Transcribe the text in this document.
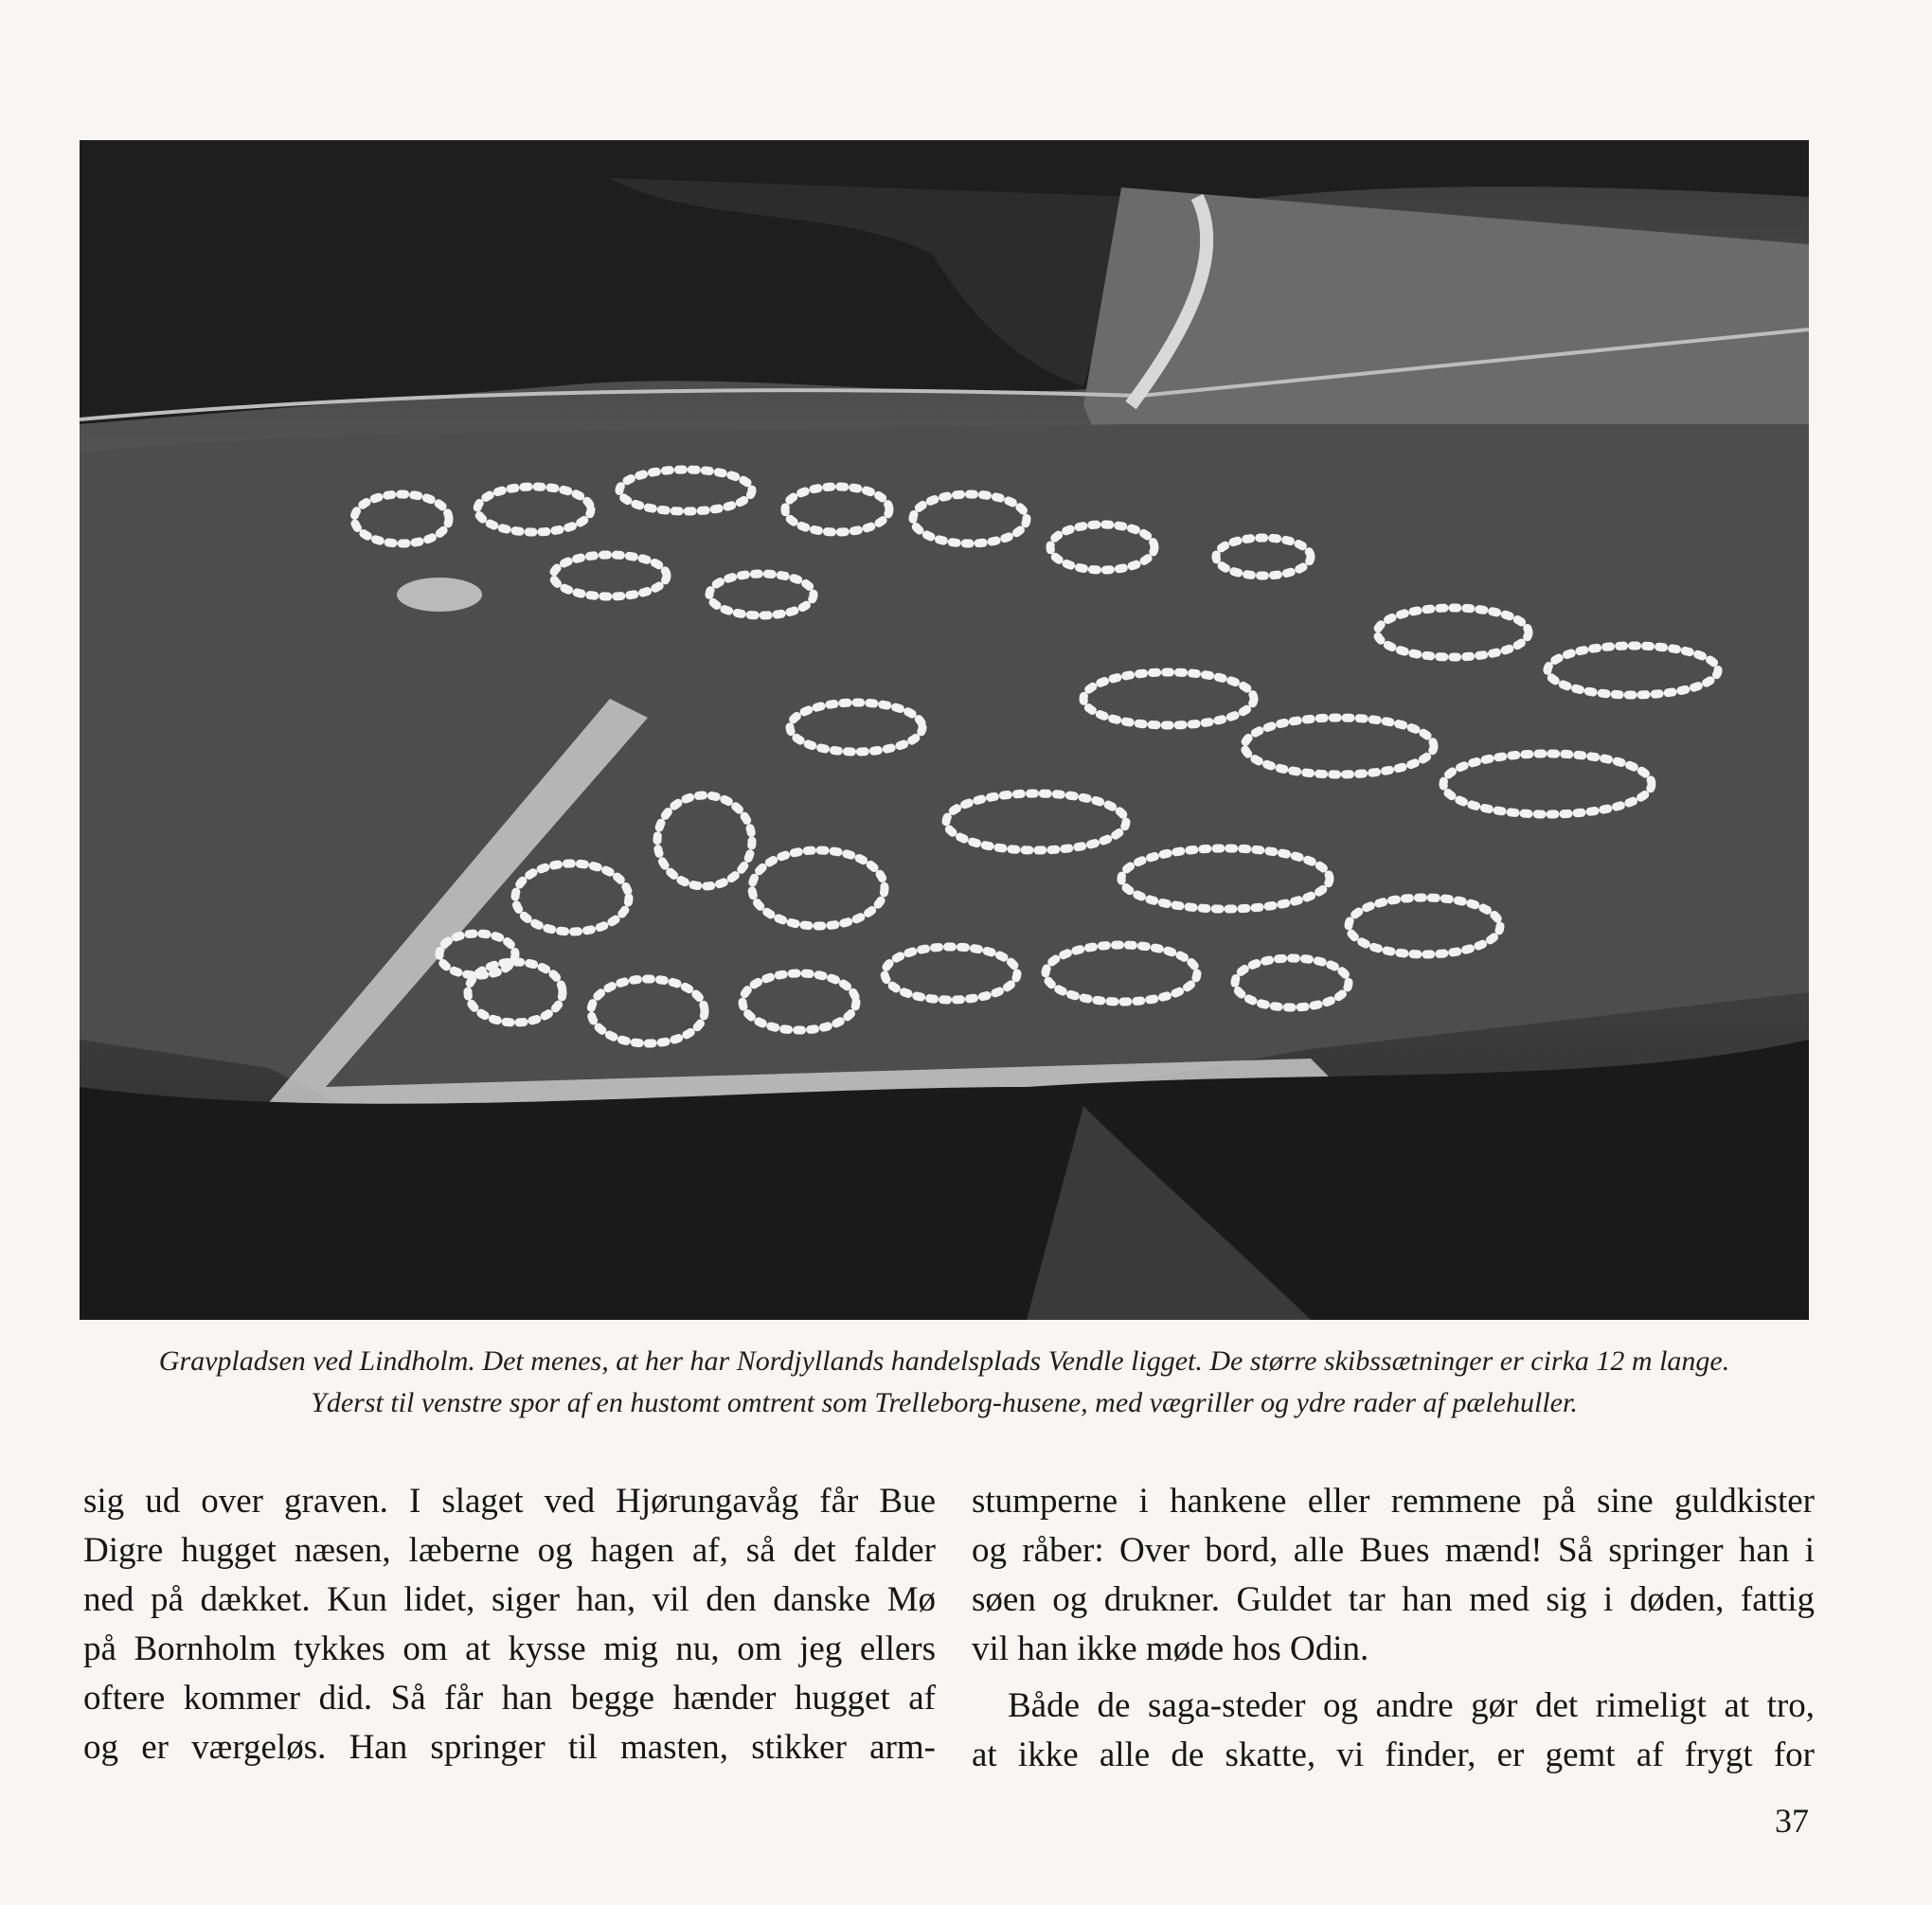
Gravpladsen ved Lindholm. Det menes, at her har Nordjyllands handelsplads Vendle ligget. De større skibssætninger er cirka 12 m lange.
Yderst til venstre spor af en hustomt omtrent som Trelleborg-husene, med vægriller og ydre rader af pælehuller.

sig ud over graven. I slaget ved Hjørungavåg får Bue

Digre hugget næsen, læberne og hagen af, så det falder

ned på dækket. Kun lidet, siger han, vil den danske Mø

på Bornholm tykkes om at kysse mig nu, om jeg ellers

oftere kommer did. Så får han begge hænder hugget af

og er værgeløs. Han springer til masten, stikker arm-

stumperne i hankene eller remmene på sine guldkister

og råber: Over bord, alle Bues mænd! Så springer han i

søen og drukner. Guldet tar han med sig i døden, fattig

vil han ikke møde hos Odin.

Både de saga-steder og andre gør det rimeligt at tro,

at ikke alle de skatte, vi finder, er gemt af frygt for

37
